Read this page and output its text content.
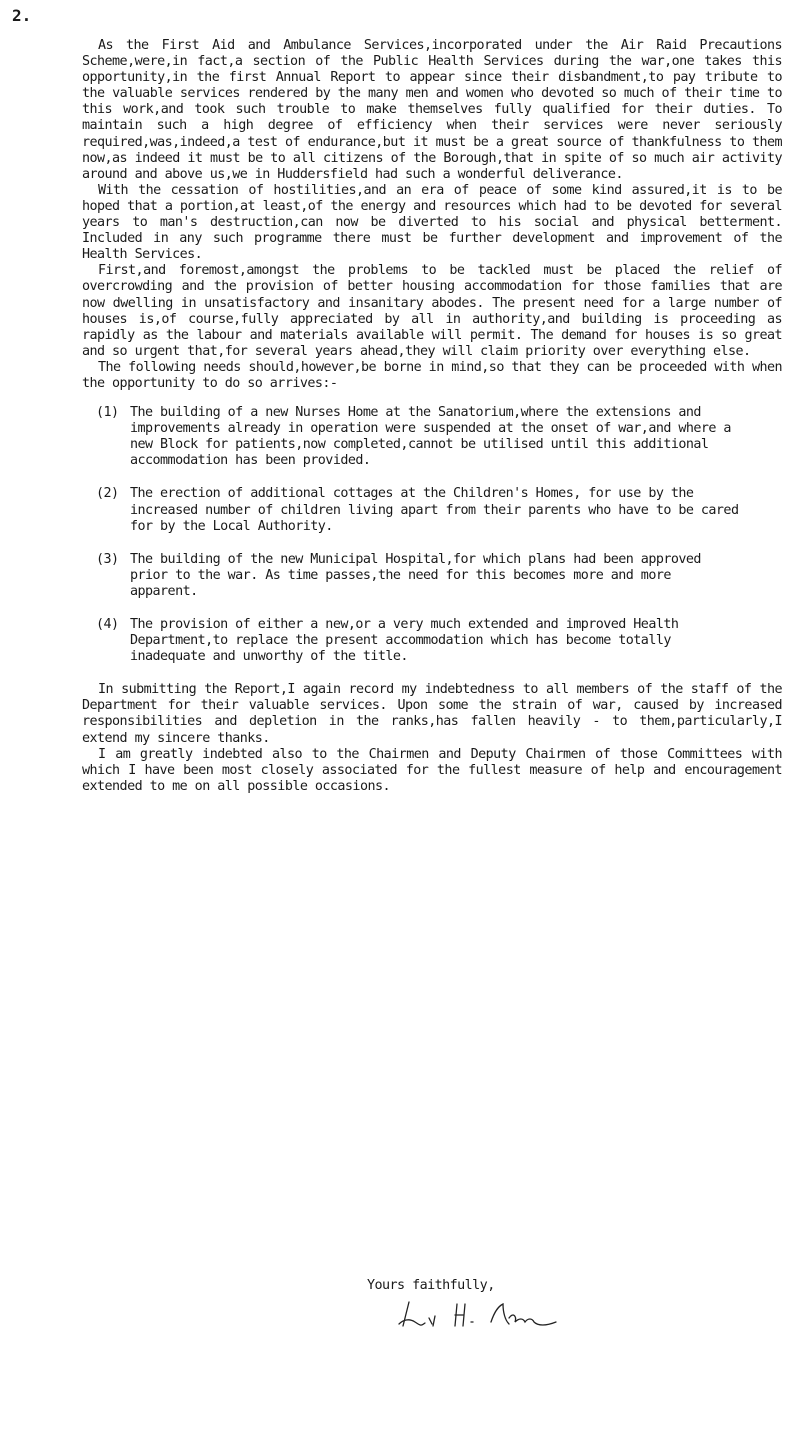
2.

As the First Aid and Ambulance Services,incorporated under the Air Raid Precautions Scheme,were,in fact,a section of the Public Health Services during the war,one takes this opportunity,in the first Annual Report to appear since their disbandment,to pay tribute to the valuable services rendered by the many men and women who devoted so much of their time to this work,and took such trouble to make themselves fully qualified for their duties. To maintain such a high degree of efficiency when their services were never seriously required,was,indeed,a test of endurance,but it must be a great source of thankfulness to them now,as indeed it must be to all citizens of the Borough,that in spite of so much air activity around and above us,we in Huddersfield had such a wonderful deliverance.

With the cessation of hostilities,and an era of peace of some kind assured,it is to be hoped that a portion,at least,of the energy and resources which had to be devoted for several years to man's destruction,can now be diverted to his social and physical betterment. Included in any such programme there must be further development and improvement of the Health Services.

First,and foremost,amongst the problems to be tackled must be placed the relief of overcrowding and the provision of better housing accommodation for those families that are now dwelling in unsatisfactory and insanitary abodes. The present need for a large number of houses is,of course,fully appreciated by all in authority,and building is proceeding as rapidly as the labour and materials available will permit. The demand for houses is so great and so urgent that,for several years ahead,they will claim priority over everything else.

The following needs should,however,be borne in mind,so that they can be proceeded with when the opportunity to do so arrives:-

(1) The building of a new Nurses Home at the Sanatorium,where the extensions and improvements already in operation were suspended at the onset of war,and where a new Block for patients,now completed,cannot be utilised until this additional accommodation has been provided.
(2) The erection of additional cottages at the Children's Homes, for use by the increased number of children living apart from their parents who have to be cared for by the Local Authority.
(3) The building of the new Municipal Hospital,for which plans had been approved prior to the war. As time passes,the need for this becomes more and more apparent.
(4) The provision of either a new,or a very much extended and improved Health Department,to replace the present accommodation which has become totally inadequate and unworthy of the title.

In submitting the Report,I again record my indebtedness to all members of the staff of the Department for their valuable services. Upon some the strain of war, caused by increased responsibilities and depletion in the ranks,has fallen heavily - to them,particularly,I extend my sincere thanks.

I am greatly indebted also to the Chairmen and Deputy Chairmen of those Committees with which I have been most closely associated for the fullest measure of help and encouragement extended to me on all possible occasions.

Yours faithfully,
